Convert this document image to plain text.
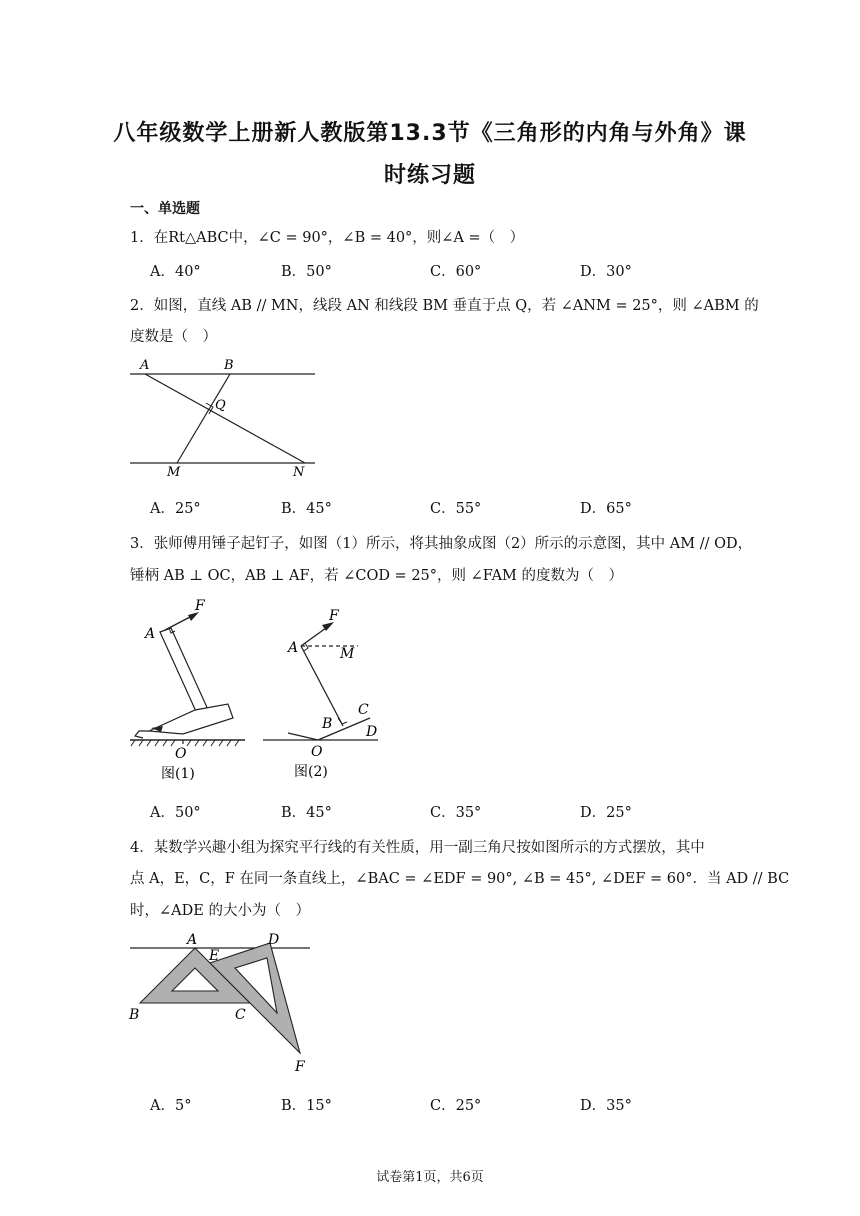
八年级数学上册新人教版第13.3节《三角形的内角与外角》课
时练习题
一、单选题
1．在Rt△ABC中，∠C = 90°，∠B = 40°，则∠A =（　）
A．40°	B．50°	C．60°	D．30°
2．如图，直线 AB // MN，线段 AN 和线段 BM 垂直于点 Q，若 ∠ANM = 25°，则 ∠ABM 的
度数是（　）
A	B
Q
M	N
A．25°	B．45°	C．55°	D．65°
3．张师傅用锤子起钉子，如图（1）所示，将其抽象成图（2）所示的示意图，其中 AM // OD，
锤柄 AB ⊥ OC，AB ⊥ AF，若 ∠COD = 25°，则 ∠FAM 的度数为（　）
F
A
O
图(1)
F
A	M
C
B D
O
图(2)
A．50°	B．45°	C．35°	D．25°
4．某数学兴趣小组为探究平行线的有关性质，用一副三角尺按如图所示的方式摆放，其中
点 A，E，C，F 在同一条直线上，∠BAC = ∠EDF = 90°, ∠B = 45°, ∠DEF = 60°．当 AD // BC
时，∠ADE 的大小为（　）
A	D
E
B	C
F
A．5°	B．15°	C．25°	D．35°
试卷第1页，共6页
